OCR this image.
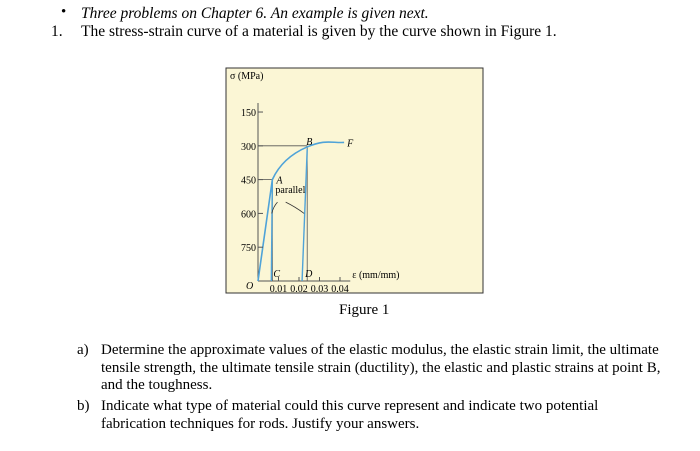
• Three problems on Chapter 6. An example is given next.
1. The stress-strain curve of a material is given by the curve shown in Figure 1.
750
600
450
300
150
0.01 0.02 0.03 0.04
A
B	F
C	D
O
parallel
σ (MPa)
ε (mm/mm)
Figure 1
a) Determine the approximate values of the elastic modulus, the elastic strain limit, the ultimate tensile strength, the ultimate tensile strain (ductility), the elastic and plastic strains at point B, and the toughness.
b) Indicate what type of material could this curve represent and indicate two potential fabrication techniques for rods. Justify your answers.
